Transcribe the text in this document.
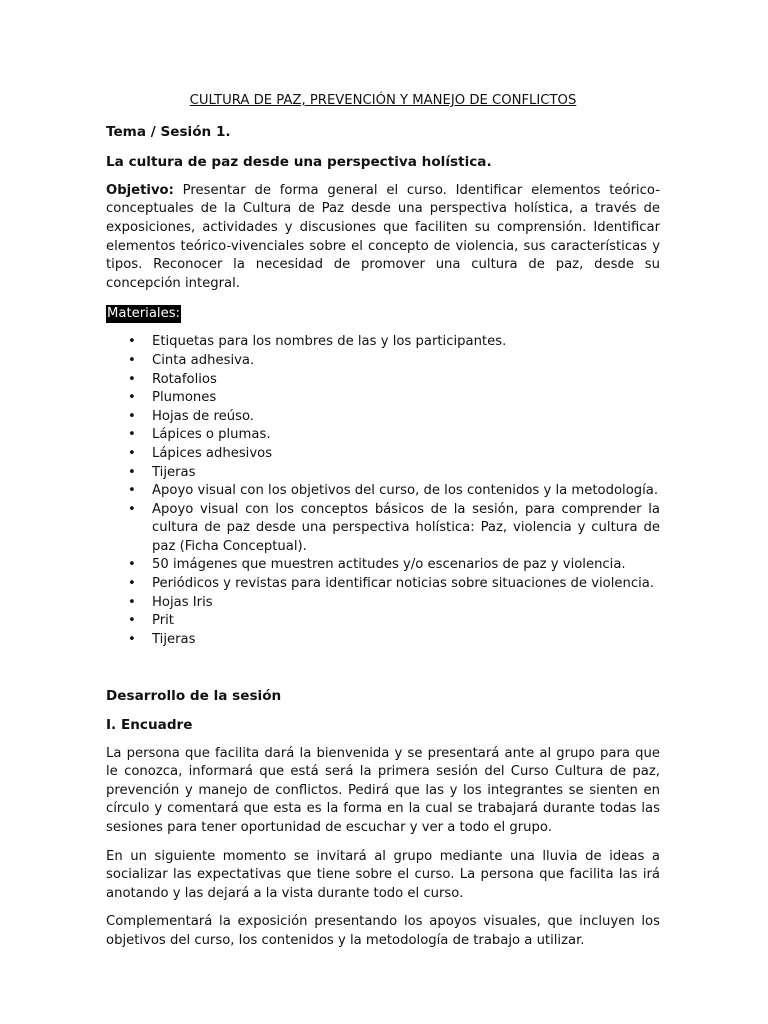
CULTURA DE PAZ, PREVENCIÓN Y MANEJO DE CONFLICTOS
Tema / Sesión 1.
La cultura de paz desde una perspectiva holística.

Objetivo: Presentar de forma general el curso. Identificar elementos teórico-conceptuales de la Cultura de Paz desde una perspectiva holística, a través de exposiciones, actividades y discusiones que faciliten su comprensión. Identificar elementos teórico-vivenciales sobre el concepto de violencia, sus características y tipos. Reconocer la necesidad de promover una cultura de paz, desde su concepción integral.

Materiales:
• Etiquetas para los nombres de las y los participantes.
• Cinta adhesiva.
• Rotafolios
• Plumones
• Hojas de reúso.
• Lápices o plumas.
• Lápices adhesivos
• Tijeras
• Apoyo visual con los objetivos del curso, de los contenidos y la metodología.
• Apoyo visual con los conceptos básicos de la sesión, para comprender la cultura de paz desde una perspectiva holística: Paz, violencia y cultura de paz (Ficha Conceptual).
• 50 imágenes que muestren actitudes y/o escenarios de paz y violencia.
• Periódicos y revistas para identificar noticias sobre situaciones de violencia.
• Hojas Iris
• Prit
• Tijeras
Desarrollo de la sesión
I. Encuadre

La persona que facilita dará la bienvenida y se presentará ante al grupo para que le conozca, informará que está será la primera sesión del Curso Cultura de paz, prevención y manejo de conflictos. Pedirá que las y los integrantes se sienten en círculo y comentará que esta es la forma en la cual se trabajará durante todas las sesiones para tener oportunidad de escuchar y ver a todo el grupo.

En un siguiente momento se invitará al grupo mediante una lluvia de ideas a socializar las expectativas que tiene sobre el curso. La persona que facilita las irá anotando y las dejará a la vista durante todo el curso.

Complementará la exposición presentando los apoyos visuales, que incluyen los objetivos del curso, los contenidos y la metodología de trabajo a utilizar.
